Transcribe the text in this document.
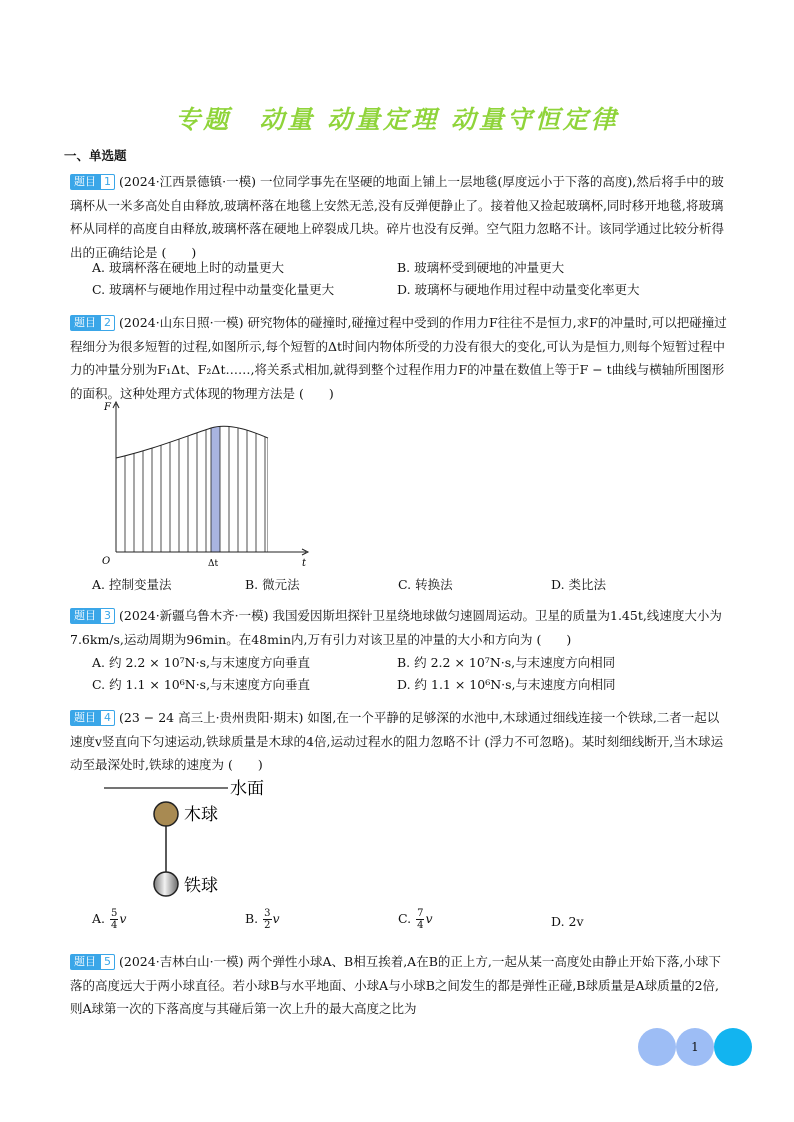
专题　动量 动量定理 动量守恒定律
一、单选题
题目 1 (2024·江西景德镇·一模) 一位同学事先在坚硬的地面上铺上一层地毯(厚度远小于下落的高度),然后将手中的玻璃杯从一米多高处自由释放,玻璃杯落在地毯上安然无恙,没有反弹便静止了。接着他又捡起玻璃杯,同时移开地毯,将玻璃杯从同样的高度自由释放,玻璃杯落在硬地上碎裂成几块。碎片也没有反弹。空气阻力忽略不计。该同学通过比较分析得出的正确结论是 (　　)
A. 玻璃杯落在硬地上时的动量更大	B. 玻璃杯受到硬地的冲量更大
C. 玻璃杯与硬地作用过程中动量变化量更大	D. 玻璃杯与硬地作用过程中动量变化率更大
题目 2 (2024·山东日照·一模) 研究物体的碰撞时,碰撞过程中受到的作用力F往往不是恒力,求F的冲量时,可以把碰撞过程细分为很多短暂的过程,如图所示,每个短暂的Δt时间内物体所受的力没有很大的变化,可认为是恒力,则每个短暂过程中力的冲量分别为F₁Δt、F₂Δt……,将关系式相加,就得到整个过程作用力F的冲量在数值上等于F − t曲线与横轴所围图形的面积。这种处理方式体现的物理方法是 (　　)
F
t
O	Δt
A. 控制变量法	B. 微元法	C. 转换法	D. 类比法
题目 3 (2024·新疆乌鲁木齐·一模) 我国爱因斯坦探针卫星绕地球做匀速圆周运动。卫星的质量为1.45t,线速度大小为7.6km/s,运动周期为96min。在48min内,万有引力对该卫星的冲量的大小和方向为 (　　)
A. 约 2.2 × 10⁷N·s,与末速度方向垂直	B. 约 2.2 × 10⁷N·s,与末速度方向相同
C. 约 1.1 × 10⁶N·s,与末速度方向垂直	D. 约 1.1 × 10⁶N·s,与末速度方向相同
题目 4 (23 − 24 高三上·贵州贵阳·期末) 如图,在一个平静的足够深的水池中,木球通过细线连接一个铁球,二者一起以速度v竖直向下匀速运动,铁球质量是木球的4倍,运动过程水的阻力忽略不计 (浮力不可忽略)。某时刻细线断开,当木球运动至最深处时,铁球的速度为 (　　)
水面
木球
铁球
A. $\frac{5}{4}$ v	B. $\frac{3}{2}$ v	C. $\frac{7}{4}$ v	D. 2v
题目 5 (2024·吉林白山·一模) 两个弹性小球A、B相互挨着,A在B的正上方,一起从某一高度处由静止开始下落,小球下落的高度远大于两小球直径。若小球B与水平地面、小球A与小球B之间发生的都是弹性正碰,B球质量是A球质量的2倍,则A球第一次的下落高度与其碰后第一次上升的最大高度之比为
1
